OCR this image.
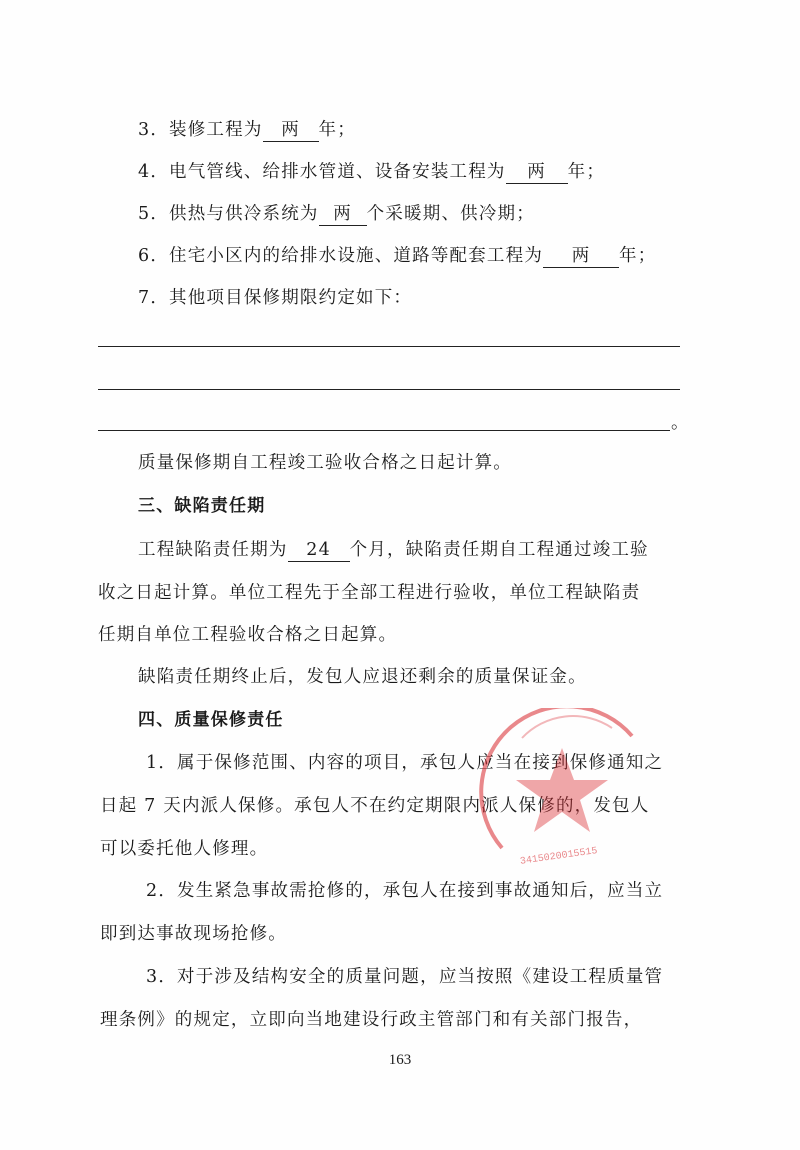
3．装修工程为 两 年；
4．电气管线、给排水管道、设备安装工程为 两 年；
5．供热与供冷系统为 两 个采暖期、供冷期；
6．住宅小区内的给排水设施、道路等配套工程为 两 年；
7．其他项目保修期限约定如下：
。
质量保修期自工程竣工验收合格之日起计算。
三、缺陷责任期
工程缺陷责任期为 24 个月，缺陷责任期自工程通过竣工验
收之日起计算。单位工程先于全部工程进行验收，单位工程缺陷责
任期自单位工程验收合格之日起算。
缺陷责任期终止后，发包人应退还剩余的质量保证金。
四、质量保修责任
1．属于保修范围、内容的项目，承包人应当在接到保修通知之
日起 7 天内派人保修。承包人不在约定期限内派人保修的，发包人
可以委托他人修理。
2．发生紧急事故需抢修的，承包人在接到事故通知后，应当立
即到达事故现场抢修。
3．对于涉及结构安全的质量问题，应当按照《建设工程质量管
理条例》的规定，立即向当地建设行政主管部门和有关部门报告，
3415020015515
163
